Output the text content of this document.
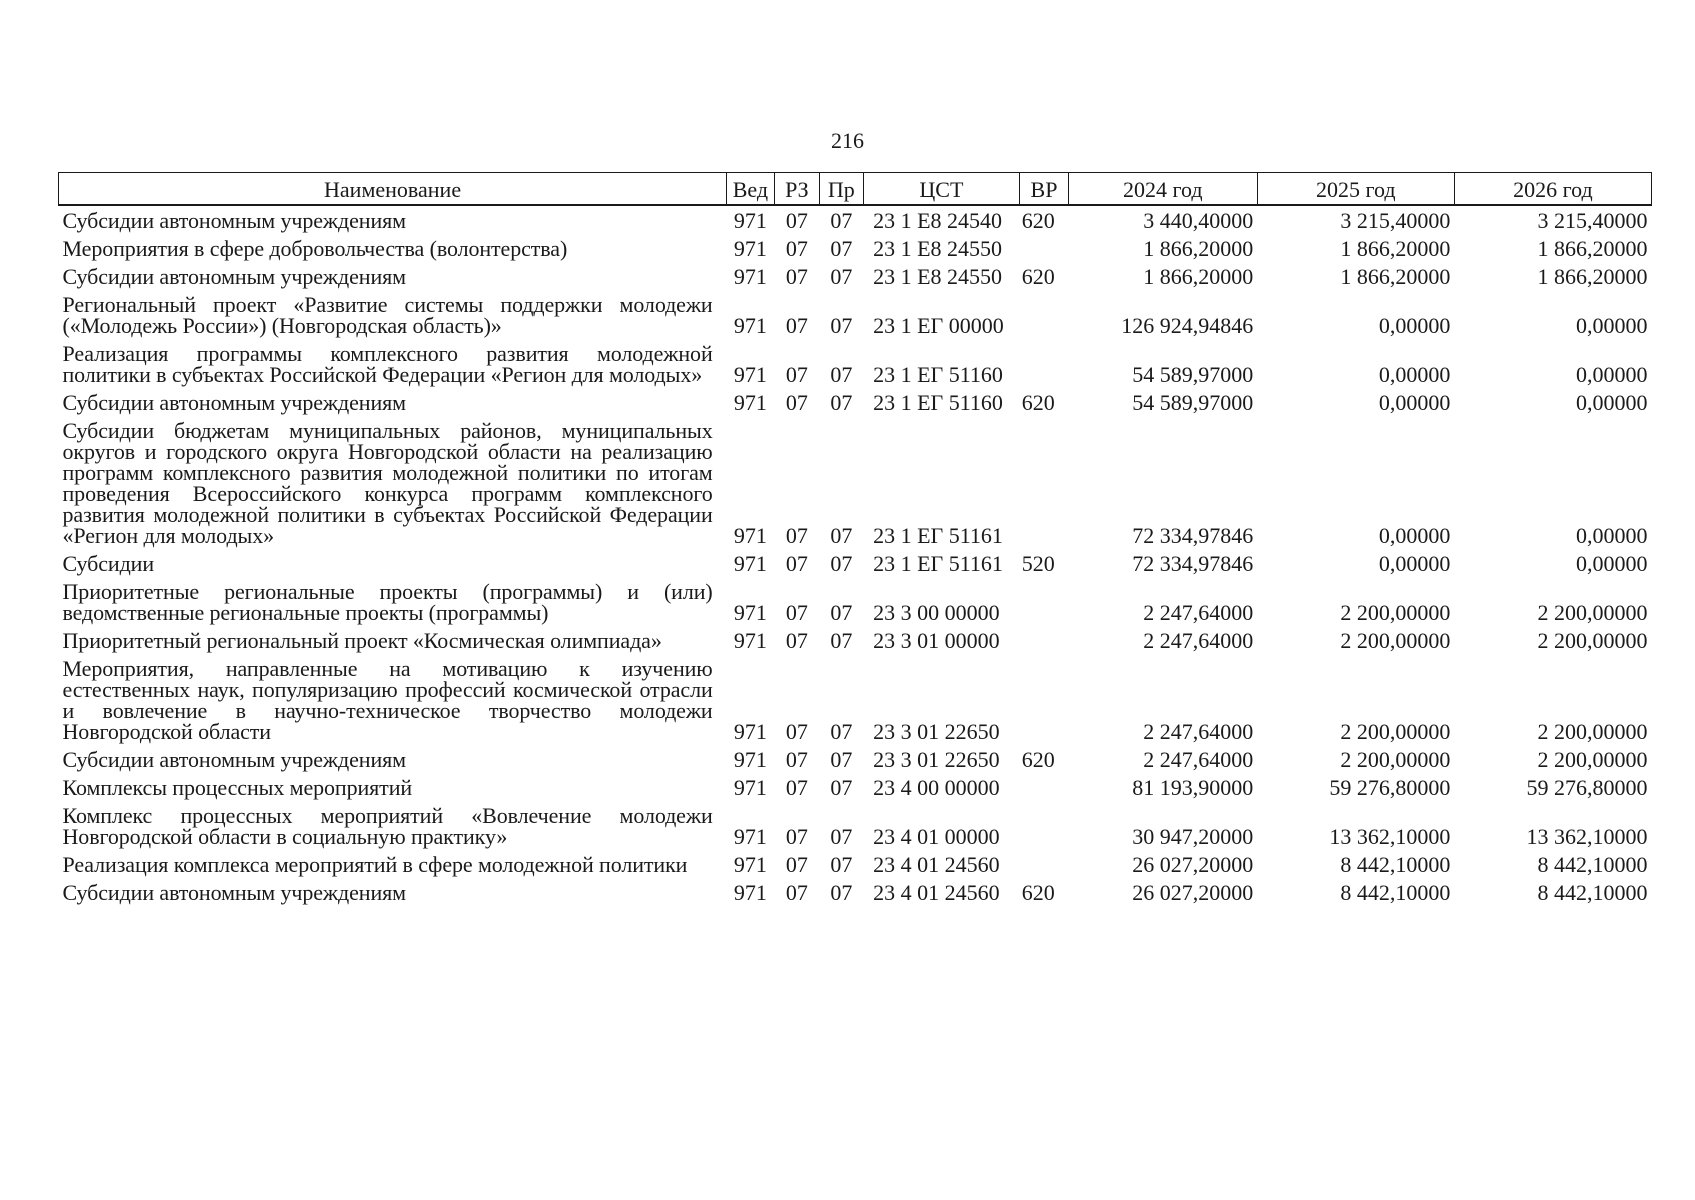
216
Наименование	Вед	РЗ	Пр	ЦСТ	ВР	2024 год	2025 год	2026 год
Субсидии автономным учреждениям	971	07	07	23 1 Е8 24540	620	3 440,40000	3 215,40000	3 215,40000
Мероприятия в сфере добровольчества (волонтерства)	971	07	07	23 1 Е8 24550		1 866,20000	1 866,20000	1 866,20000
Субсидии автономным учреждениям	971	07	07	23 1 Е8 24550	620	1 866,20000	1 866,20000	1 866,20000
Региональный проект «Развитие системы поддержки молодежи («Молодежь России») (Новгородская область)»	971	07	07	23 1 ЕГ 00000		126 924,94846	0,00000	0,00000
Реализация программы комплексного развития молодежной политики в субъектах Российской Федерации «Регион для молодых»	971	07	07	23 1 ЕГ 51160		54 589,97000	0,00000	0,00000
Субсидии автономным учреждениям	971	07	07	23 1 ЕГ 51160	620	54 589,97000	0,00000	0,00000
Субсидии бюджетам муниципальных районов, муниципальных округов и городского округа Новгородской области на реализацию программ комплексного развития молодежной политики по итогам проведения Всероссийского конкурса программ комплексного развития молодежной политики в субъектах Российской Федерации «Регион для молодых»	971	07	07	23 1 ЕГ 51161		72 334,97846	0,00000	0,00000
Субсидии	971	07	07	23 1 ЕГ 51161	520	72 334,97846	0,00000	0,00000
Приоритетные региональные проекты (программы) и (или) ведомственные региональные проекты (программы)	971	07	07	23 3 00 00000		2 247,64000	2 200,00000	2 200,00000
Приоритетный региональный проект «Космическая олимпиада»	971	07	07	23 3 01 00000		2 247,64000	2 200,00000	2 200,00000
Мероприятия, направленные на мотивацию к изучению естественных наук, популяризацию профессий космической отрасли и вовлечение в научно-техническое творчество молодежи Новгородской области	971	07	07	23 3 01 22650		2 247,64000	2 200,00000	2 200,00000
Субсидии автономным учреждениям	971	07	07	23 3 01 22650	620	2 247,64000	2 200,00000	2 200,00000
Комплексы процессных мероприятий	971	07	07	23 4 00 00000		81 193,90000	59 276,80000	59 276,80000
Комплекс процессных мероприятий «Вовлечение молодежи Новгородской области в социальную практику»	971	07	07	23 4 01 00000		30 947,20000	13 362,10000	13 362,10000
Реализация комплекса мероприятий в сфере молодежной политики	971	07	07	23 4 01 24560		26 027,20000	8 442,10000	8 442,10000
Субсидии автономным учреждениям	971	07	07	23 4 01 24560	620	26 027,20000	8 442,10000	8 442,10000
